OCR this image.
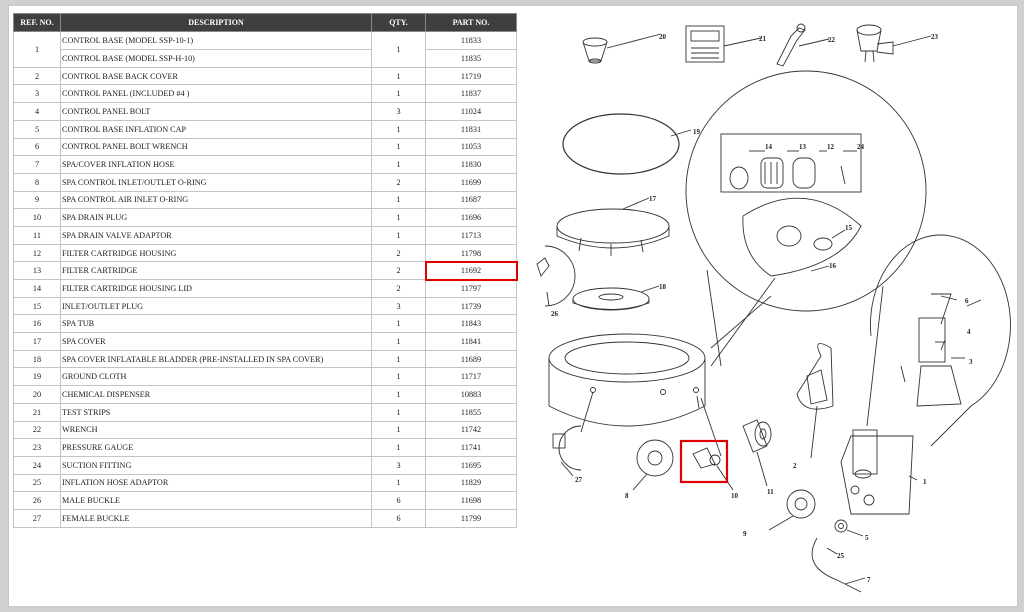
REF. NO.	DESCRIPTION	QTY.	PART NO.
1	CONTROL BASE (MODEL SSP-10-1)	1	11833
	CONTROL BASE (MODEL SSP-H-10)		11835
2	CONTROL BASE BACK COVER	1	11719
3	CONTROL PANEL (INCLUDED #4 )	1	11837
4	CONTROL PANEL BOLT	3	11024
5	CONTROL BASE INFLATION CAP	1	11831
6	CONTROL PANEL BOLT WRENCH	1	11053
7	SPA/COVER INFLATION HOSE	1	11830
8	SPA CONTROL INLET/OUTLET O-RING	2	11699
9	SPA CONTROL AIR INLET O-RING	1	11687
10	SPA DRAIN PLUG	1	11696
11	SPA DRAIN VALVE ADAPTOR	1	11713
12	FILTER CARTRIDGE HOUSING	2	11798
13	FILTER CARTRIDGE	2	11692
14	FILTER CARTRIDGE HOUSING LID	2	11797
15	INLET/OUTLET PLUG	3	11739
16	SPA TUB	1	11843
17	SPA COVER	1	11841
18	SPA COVER INFLATABLE BLADDER (PRE-INSTALLED IN SPA COVER)	1	11689
19	GROUND CLOTH	1	11717
20	CHEMICAL DISPENSER	1	10883
21	TEST STRIPS	1	11855
22	WRENCH	1	11742
23	PRESSURE GAUGE	1	11741
24	SUCTION FITTING	3	11695
25	INFLATION HOSE ADAPTOR	1	11829
26	MALE BUCKLE	6	11698
27	FEMALE BUCKLE	6	11799
20	21	22	23
19
17
18
26
14	13	12	24
15
16
6
4
3
2
1
5
9
25
7
27
8	10	11
